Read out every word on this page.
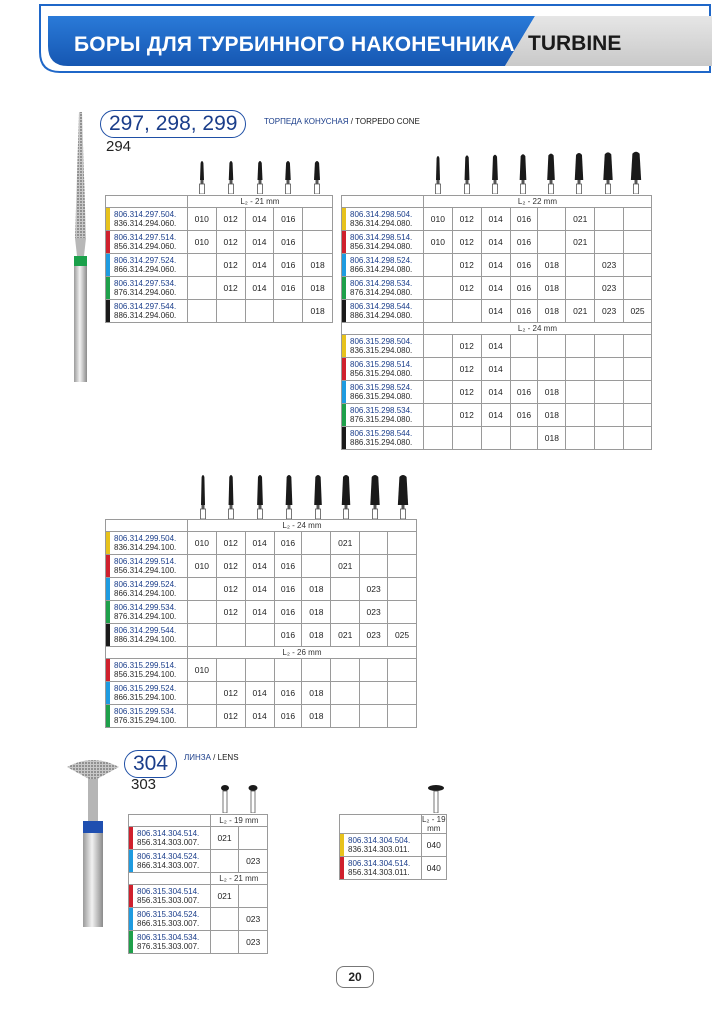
БОРЫ ДЛЯ ТУРБИННОГО НАКОНЕЧНИКА TURBINE
297, 298, 299
294
ТОРПЕДА КОНУСНАЯ / TORPEDO CONE
	L₂ - 21 mm				

806.314.297.504.
836.314.294.060.	010	012	014	016	

806.314.297.514.
856.314.294.060.	010	012	014	016	

806.314.297.524.
866.314.294.060.		012	014	016	018

806.314.297.534.
876.314.294.060.		012	014	016	018

806.314.297.544.
886.314.294.060.					018
	L₂ - 22 mm							

806.314.298.504.
836.314.294.080.	010	012	014	016		021		

806.314.298.514.
856.314.294.080.	010	012	014	016		021		

806.314.298.524.
866.314.294.080.		012	014	016	018		023	

806.314.298.534.
876.314.294.080.		012	014	016	018		023	

806.314.298.544.
886.314.294.080.			014	016	018	021	023	025
	L₂ - 24 mm							

806.315.298.504.
836.315.294.080.		012	014					

806.315.298.514.
856.315.294.080.		012	014					

806.315.298.524.
866.315.294.080.		012	014	016	018			

806.315.298.534.
876.315.294.080.		012	014	016	018			

806.315.298.544.
886.315.294.080.					018			
	L₂ - 24 mm							

806.314.299.504.
836.314.294.100.	010	012	014	016		021		

806.314.299.514.
856.314.294.100.	010	012	014	016		021		

806.314.299.524.
866.314.294.100.		012	014	016	018		023	

806.314.299.534.
876.314.294.100.		012	014	016	018		023	

806.314.299.544.
886.314.294.100.				016	018	021	023	025
	L₂ - 26 mm							

806.315.299.514.
856.315.294.100.	010							

806.315.299.524.
866.315.294.100.		012	014	016	018			

806.315.299.534.
876.315.294.100.		012	014	016	018			
304
303
ЛИНЗА / LENS
	L₂ - 19 mm	

806.314.304.514.
856.314.303.007.	021	

806.314.304.524.
866.314.303.007.		023
	L₂ - 21 mm	

806.315.304.514.
856.315.303.007.	021	

806.315.304.524.
866.315.303.007.		023

806.315.304.534.
876.315.303.007.		023
	L₂ - 19 mm

806.314.304.504.
836.314.303.011.	040

806.314.304.514.
856.314.303.011.	040
20
